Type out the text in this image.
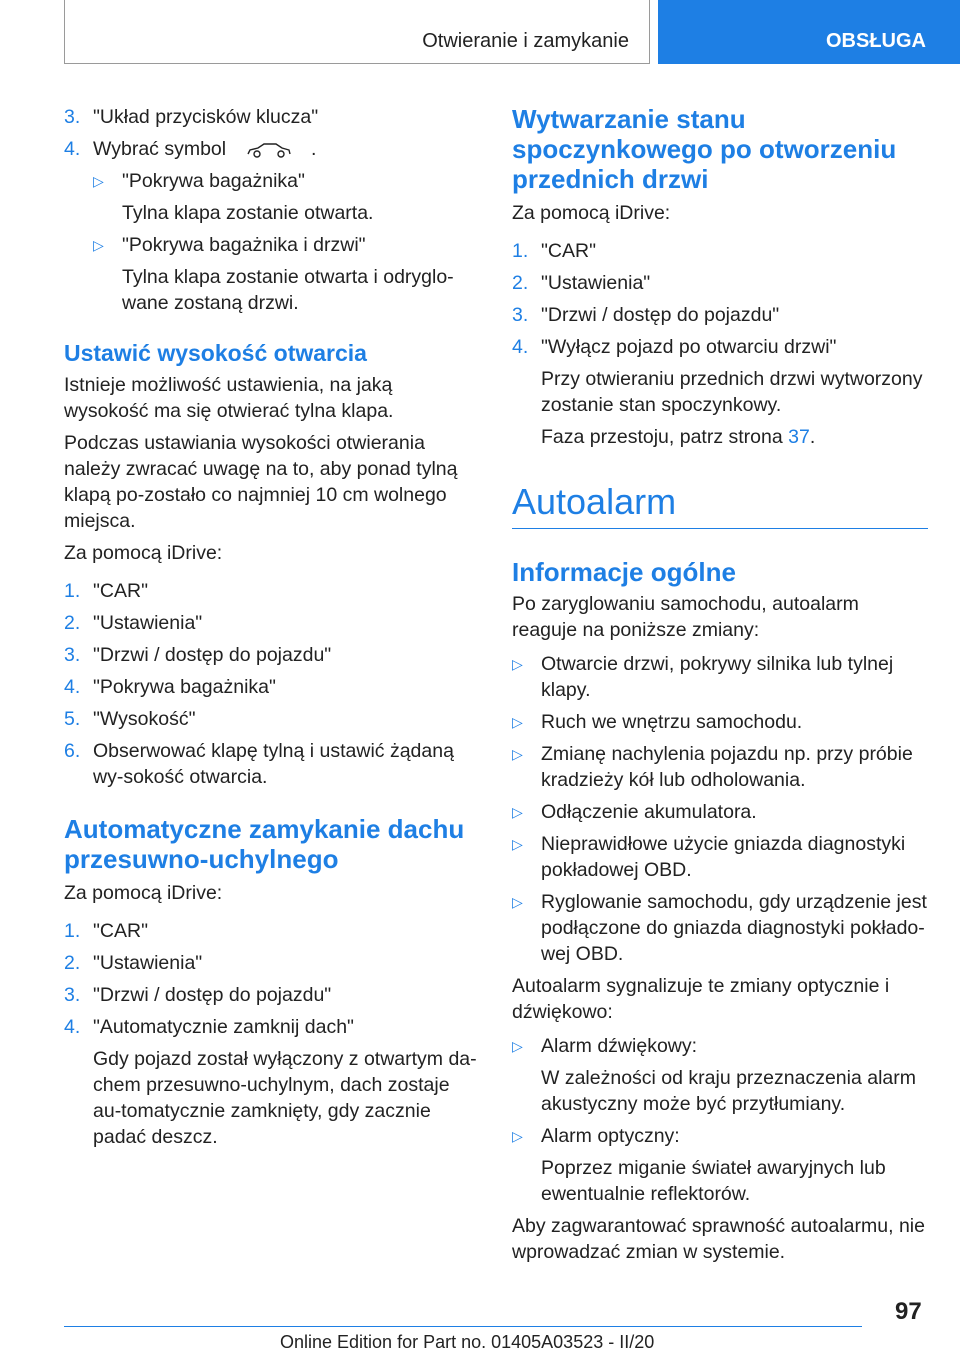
Otwieranie i zamykanie	OBSŁUGA
3. "Układ przycisków klucza"
4. Wybrać symbol	.
▷ "Pokrywa bagażnika"

Tylna klapa zostanie otwarta.

▷ "Pokrywa bagażnika i drzwi"

Tylna klapa zostanie otwarta i odryglo-wane zostaną drzwi.

Ustawić wysokość otwarcia

Istnieje możliwość ustawienia, na jaką wysokość ma się otwierać tylna klapa.

Podczas ustawiania wysokości otwierania należy zwracać uwagę na to, aby ponad tylną klapą po-zostało co najmniej 10 cm wolnego miejsca.

Za pomocą iDrive:

1. "CAR"
2. "Ustawienia"
3. "Drzwi / dostęp do pojazdu"
4. "Pokrywa bagażnika"
5. "Wysokość"
6. Obserwować klapę tylną i ustawić żądaną wy-sokość otwarcia.
Automatyczne zamykanie dachu przesuwno-uchylnego

Za pomocą iDrive:

1. "CAR"
2. "Ustawienia"
3. "Drzwi / dostęp do pojazdu"
4. "Automatycznie zamknij dach"

Gdy pojazd został wyłączony z otwartym da-chem przesuwno-uchylnym, dach zostaje au-tomatycznie zamknięty, gdy zacznie padać deszcz.

Wytwarzanie stanu spoczynkowego po otworzeniu przednich drzwi

Za pomocą iDrive:

1. "CAR"
2. "Ustawienia"
3. "Drzwi / dostęp do pojazdu"
4. "Wyłącz pojazd po otwarciu drzwi"

Przy otwieraniu przednich drzwi wytworzony zostanie stan spoczynkowy.

Faza przestoju, patrz strona 37.

Autoalarm
Informacje ogólne

Po zaryglowaniu samochodu, autoalarm reaguje na poniższe zmiany:

▷ Otwarcie drzwi, pokrywy silnika lub tylnej klapy.
▷ Ruch we wnętrzu samochodu.
▷ Zmianę nachylenia pojazdu np. przy próbie kradzieży kół lub odholowania.
▷ Odłączenie akumulatora.
▷ Nieprawidłowe użycie gniazda diagnostyki pokładowej OBD.
▷ Ryglowanie samochodu, gdy urządzenie jest podłączone do gniazda diagnostyki pokłado-wej OBD.

Autoalarm sygnalizuje te zmiany optycznie i dźwiękowo:

▷ Alarm dźwiękowy:

W zależności od kraju przeznaczenia alarm akustyczny może być przytłumiany.

▷ Alarm optyczny:

Poprzez miganie świateł awaryjnych lub ewentualnie reflektorów.

Aby zagwarantować sprawność autoalarmu, nie wprowadzać zmian w systemie.

97
Online Edition for Part no. 01405A03523 - II/20
